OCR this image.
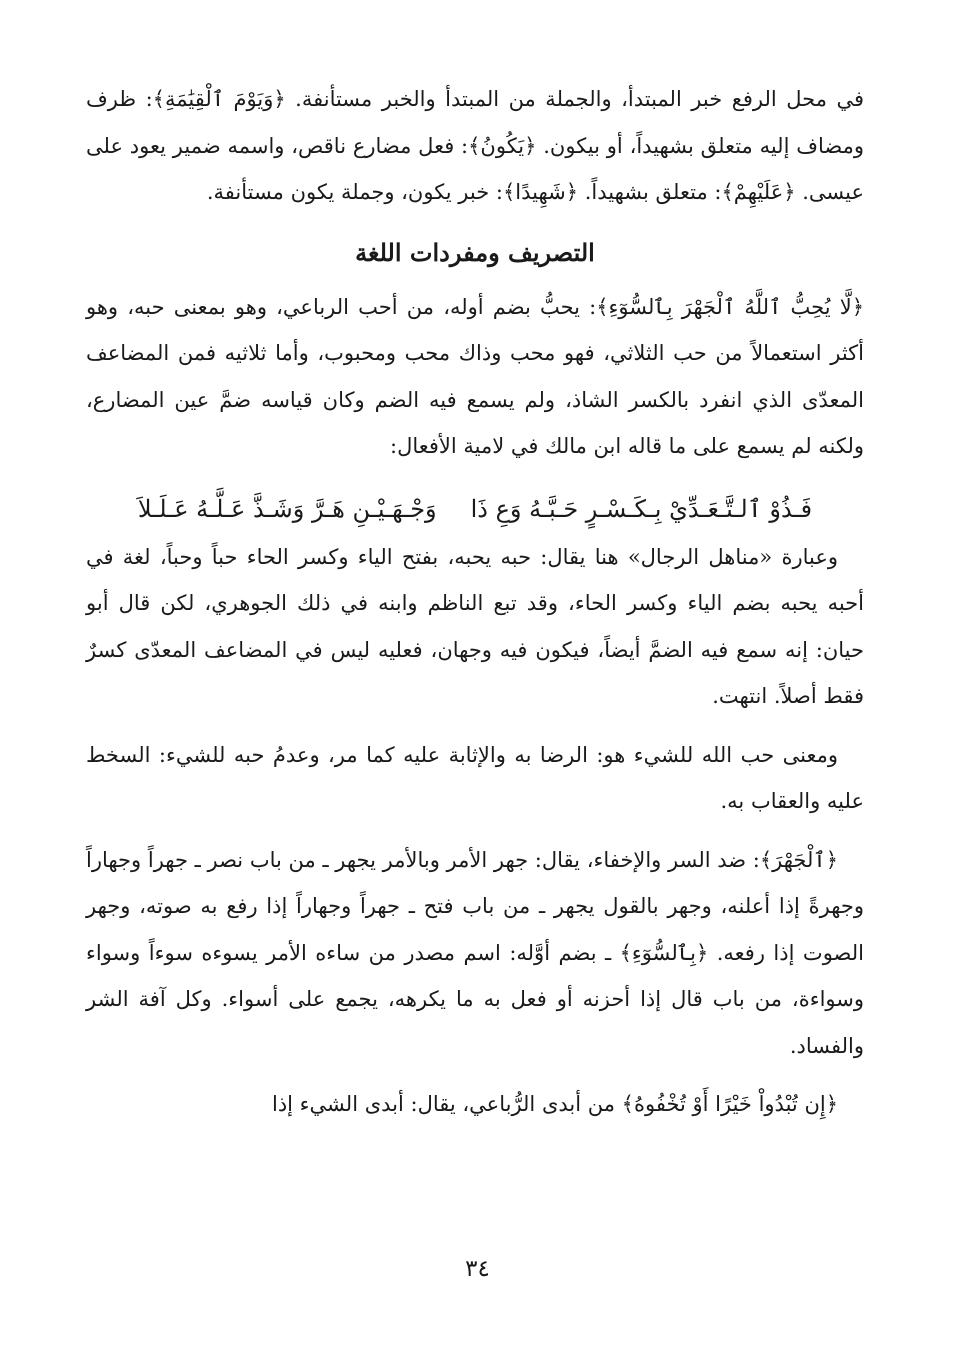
في محل الرفع خبر المبتدأ، والجملة من المبتدأ والخبر مستأنفة. ﴿وَيَوْمَ ٱلْقِيَٰمَةِ﴾: ظرف ومضاف إليه متعلق بشهيداً، أو بيكون. ﴿يَكُونُ﴾: فعل مضارع ناقص، واسمه ضمير يعود على عيسى. ﴿عَلَيْهِمْ﴾: متعلق بشهيداً. ﴿شَهِيدًا﴾: خبر يكون، وجملة يكون مستأنفة.

التصريف ومفردات اللغة

﴿لَّا يُحِبُّ ٱللَّهُ ٱلْجَهْرَ بِٱلسُّوٓءِ﴾: يحبُّ بضم أوله، من أحب الرباعي، وهو بمعنى حبه، وهو أكثر استعمالاً من حب الثلاثي، فهو محب وذاك محب ومحبوب، وأما ثلاثيه فمن المضاعف المعدّى الذي انفرد بالكسر الشاذ، ولم يسمع فيه الضم وكان قياسه ضمَّ عين المضارع، ولكنه لم يسمع على ما قاله ابن مالك في لامية الأفعال:

فَـذُوْ ٱلـتَّـعَـدِّيْ بِـكَـسْـرٍ حَـبَّـهُ وَعِ ذَاوَجْـهَـيْـنِ هَـرَّ وَشَـذَّ عَـلَّـهُ عَـلَـلاَ

وعبارة «مناهل الرجال» هنا يقال: حبه يحبه، بفتح الياء وكسر الحاء حباً وحباً، لغة في أحبه يحبه بضم الياء وكسر الحاء، وقد تبع الناظم وابنه في ذلك الجوهري، لكن قال أبو حيان: إنه سمع فيه الضمَّ أيضاً، فيكون فيه وجهان، فعليه ليس في المضاعف المعدّى كسرٌ فقط أصلاً. انتهت.

ومعنى حب الله للشيء هو: الرضا به والإثابة عليه كما مر، وعدمُ حبه للشيء: السخط عليه والعقاب به.

﴿ٱلْجَهْرَ﴾: ضد السر والإخفاء، يقال: جهر الأمر وبالأمر يجهر ـ من باب نصر ـ جهراً وجهاراً وجهرةً إذا أعلنه، وجهر بالقول يجهر ـ من باب فتح ـ جهراً وجهاراً إذا رفع به صوته، وجهر الصوت إذا رفعه. ﴿بِٱلسُّوٓءِ﴾ ـ بضم أوَّله: اسم مصدر من ساءه الأمر يسوءه سوءاً وسواء وسواءة، من باب قال إذا أحزنه أو فعل به ما يكرهه، يجمع على أسواء. وكل آفة الشر والفساد.

﴿إِن تُبْدُواْ خَيْرًا أَوْ تُخْفُوهُ﴾ من أبدى الرُّباعي، يقال: أبدى الشيء إذا

٣٤
